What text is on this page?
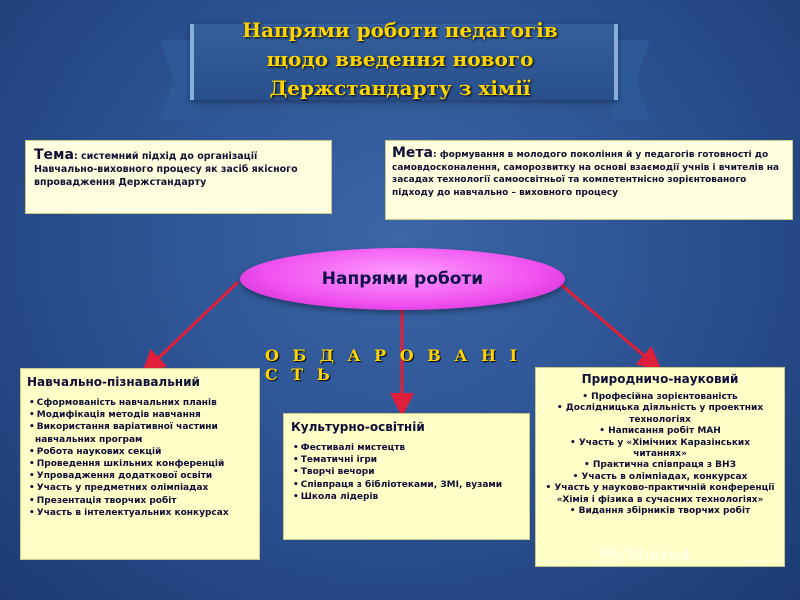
Напрями роботи педагогів
щодо введення нового
Держстандарту з хімії
Тема: системний підхід до організації Навчально-виховного процесу як засіб якісного впровадження Держстандарту
Мета: формування в молодого покоління й у педагогів готовності до самовдосконалення, саморозвитку на основі взаємодії учнів і вчителів на засадах технології самоосвітньої та компетентнісно зорієнтованого підходу до навчально – виховного процесу
Напрями роботи
О Б Д А Р О В А Н І С Т Ь
Навчально-пізнавальний
• Сформованість навчальних планів
• Модифікація методів навчання
• Використання варіативної частини навчальних програм
• Робота наукових секцій
• Проведення шкільних конференцій
• Упровадження додаткової освіти
• Участь у предметних олімпіадах
• Презентація творчих робіт
• Участь в інтелектуальних конкурсах
Культурно-освітній
• Фестивалі мистецтв
• Тематичні ігри
• Творчі вечори
• Співпраця з бібліотеками, ЗМІ, вузами
• Школа лідерів
Природничо-науковий
• Професійна зорієнтованість
• Дослідницька діяльність у проектних технологіях
• Написання робіт МАН
• Участь у «Хімічних Каразінських читаннях»
• Практична співпраця з ВНЗ
• Участь в олімпіадах, конкурсах
• Участь у науково-практичній конференції «Хімія і фізика в сучасних технологіях»
• Видання збірників творчих робіт
MyShared
